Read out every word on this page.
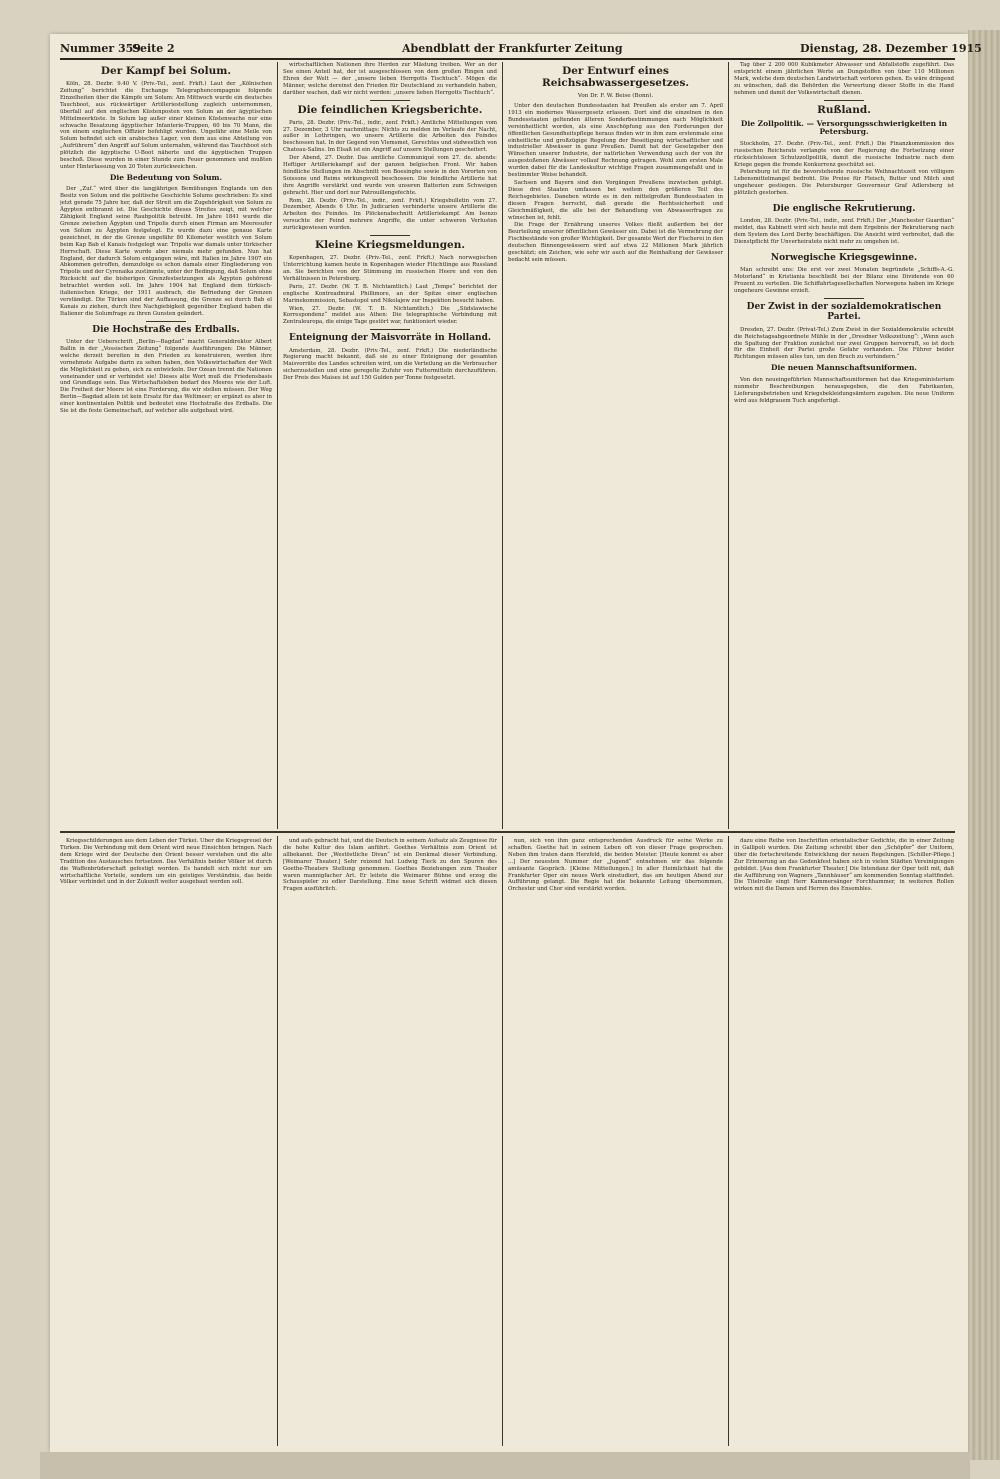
Nummer 359
Seite 2	Abendblatt der Frankfurter Zeitung	Dienstag, 28. Dezember 1915
Der Kampf bei Solum.

Köln, 28. Dezbr. 9.40 V. (Priv.-Tel., zenf. Frkft.) Laut der „Kölnischen Zeitung“ berichtet die Exchange Telegraphencompagnie folgende Einzelheiten über die Kämpfe um Solum: Am Mittwoch wurde ein deutsches Tauchboot, aus rückwärtiger Artilleriestellung zugleich unternommen, überfall auf den englischen Küstenposten von Solum an der ägyptischen Mittelmeerküste. In Solum lag außer einer kleinen Küstenwache nur eine schwache Besatzung ägyptischer Infanterie-Truppen, 60 bis 70 Mann, die von einem englischen Offizier befehligt wurden. Ungefähr eine Meile von Solum befindet sich ein arabisches Lager, von dem aus eine Abteilung von „Aufrührern“ den Angriff auf Solum unternahm, während das Tauchboot sich plötzlich die ägyptische U-Boot näherte und die ägyptischen Truppen beschoß. Diese wurden in einer Stunde zum Feuer genommen und mußten unter Hinterlassung von 20 Toten zurückweichen.

Die Bedeutung von Solum.

Der „Zuf.“ wird über die langjährigen Bemühungen Englands um den Besitz von Solum und die politische Geschichte Solums geschrieben: Es sind jetzt gerade 75 Jahre her, daß der Streit um die Zugehörigkeit von Solum zu Ägypten entbrannt ist. Die Geschichte dieses Streites zeigt, mit welcher Zähigkeit England seine Raubpolitik betreibt. Im Jahre 1841 wurde die Grenze zwischen Ägypten und Tripolis durch einen Firman am Meeresufer von Solum zu Ägypten festgelegt. Es wurde dazu eine genaue Karte gezeichnet, in der die Grenze ungefähr 80 Kilometer westlich von Solum beim Kap Bab el Kanais festgelegt war. Tripolis war damals unter türkischer Herrschaft. Diese Karte wurde aber niemals mehr gefunden. Nun hat England, der dadurch Solum entgangen wäre, mit Italien im Jahre 1907 ein Abkommen getroffen, demzufolge es schon damals einer Eingliederung von Tripolis und der Cyrenaika zustimmte, unter der Bedingung, daß Solum ohne Rücksicht auf die bisherigen Grenzfestsetzungen als Ägypten gehörend betrachtet werden soll. Im Jahre 1904 hat England dem türkisch-italienischen Kriege, der 1911 ausbrach, die Befriedung der Grenzen verständigt. Die Türken sind der Auffassung, die Grenze sei durch Bab el Kanais zu ziehen, durch ihre Nachgiebigkeit gegenüber England haben die Italiener die Solumfrage zu ihren Gunsten geändert.

Die Hochstraße des Erdballs.

Unter der Ueberschrift „Berlin—Bagdad“ macht Generaldirektor Albert Ballin in der „Vossischen Zeitung“ folgende Ausführungen: Die Männer, welche derzeit bereiten in den Frieden zu konstruieren, werden ihre vornehmste Aufgabe darin zu sehen haben, den Volkswirtschaften der Welt die Möglichkeit zu geben, sich zu entwickeln. Der Ozean trennt die Nationen voneinander und er verbindet sie! Dieses alte Wort muß die Friedensbasis und Grundlage sein. Das Wirtschaftsleben bedarf des Meeres wie der Luft. Die Freiheit der Meere ist eine Forderung, die wir stellen müssen. Der Weg Berlin—Bagdad allein ist kein Ersatz für das Weltmeer; er ergänzt es aber in einer kontinentalen Politik und bedeutet eine Hochstraße des Erdballs. Die Sie ist die feste Gemeinschaft, auf welcher alle aufgebaut wird.

wirtschaftlichen Nationen ihre Herden zur Mästung treiben. Wer an der See einen Anteil hat, der ist ausgeschlossen von dem großen Ringen und Ehren der Welt — der „unsere lieben Herrgotts Tischtuch“. Mögen die Männer, welche dereinst den Frieden für Deutschland zu verhandeln haben, darüber wachen, daß wir nicht werden: „unsere lieben Herrgotts Tischtuch“.

Die feindlichen Kriegsberichte.

Paris, 28. Dezbr. (Priv.-Tel., indir., zenf. Frkft.) Amtliche Mitteilungen vom 27. Dezember, 3 Uhr nachmittags: Nichts zu melden im Verlaufe der Nacht, außer in Lothringen, wo unsere Artillerie die Arbeiten des Feindes beschossen hat. In der Gegend von Vlemsmet, Gerechtes und südwestlich von Chateau-Salins. Im Elsaß ist ein Angriff auf unsere Stellungen gescheitert.

Der Abend, 27. Dezbr. Das amtliche Communiqué vom 27. de. abends: Heftiger Artilleriekampf auf der ganzen belgischen Front. Wir haben feindliche Stellungen im Abschnitt von Boesinghe sowie in den Vororten von Soissons und Reims wirkungsvoll beschossen. Die feindliche Artillerie hat ihre Angriffe verstärkt und wurde von unseren Batterien zum Schweigen gebracht. Hier und dort nur Patrouillengefechte.

Rom, 28. Dezbr. (Priv.-Tel., indir., zenf. Frkft.) Kriegsbulletin vom 27. Dezember, Abends 6 Uhr. In Judicarien verhinderte unsere Artillerie die Arbeiten des Feindes. Im Plöckenabschnitt Artilleriekampf. Am Isonzo versuchte der Feind mehrere Angriffe, die unter schweren Verlusten zurückgewiesen wurden.

Kleine Kriegsmeldungen.

Kopenhagen, 27. Dezbr. (Priv.-Tel., zenf. Frkft.) Nach norwegischen Unterrichtung kamen heute in Kopenhagen wieder Flüchtlinge aus Russland an. Sie berichten von der Stimmung im russischen Heere und von den Verhältnissen in Petersburg.

Paris, 27. Dezbr. (W. T. B. Nichtamtlich.) Laut „Temps“ berichtet der englische Kontreadmiral Phillimore, an der Spitze einer englischen Marinekommission, Sebastopol und Nikolajew zur Inspektion besucht haben.

Wien, 27. Dezbr. (W. T. B. Nichtamtlich.) Die „Südslawische Korrespondenz“ meldet aus Athen: Die telegraphische Verbindung mit Zentraleuropa, die einige Tage gestört war, funktioniert wieder.

Enteignung der Maisvorräte in Holland.

Amsterdam, 28. Dezbr. (Priv.-Tel., zenf. Frkft.) Die niederländische Regierung macht bekannt, daß sie zu einer Enteignung der gesamten Maisvorräte des Landes schreiten wird, um die Verteilung an die Verbraucher sicherzustellen und eine geregelte Zufuhr von Futtermitteln durchzuführen. Der Preis des Maises ist auf 150 Gulden per Tonne festgesetzt.

Der Entwurf eines Reichsabwassergesetzes.
Von Dr. F. W. Beise (Bonn).

Unter den deutschen Bundesstaaten hat Preußen als erster am 7. April 1913 ein modernes Wassergesetz erlassen. Dort sind die einzelnen in den Bundesstaaten geltenden älteren Sonderbestimmungen nach Möglichkeit vereinheitlicht worden, als eine Anschöpfung aus den Forderungen der öffentlichen Gesundheitspflege heraus finden wir in ihm zum erstenmale eine einheitliche und großzügige Regelung der Beseitigung wirtschaftlicher und industrieller Abwässer in ganz Preußen. Damit hat der Gesetzgeber den Wünschen unserer Industrie, der natürlichen Verwendung auch der von ihr ausgestoßenen Abwässer vollauf Rechnung getragen. Wohl zum ersten Male wurden dabei für die Landeskultur wichtige Fragen zusammengefaßt und in bestimmter Weise behandelt.

Sachsen und Bayern sind den Vorgängen Preußens inzwischen gefolgt. Diese drei Staaten umfassen bei weitem den größeren Teil des Reichsgebietes. Daneben würde es in den mittelgroßen Bundesstaaten in diesen Fragen herrscht, daß gerade die Rechtssicherheit und Gleichmäßigkeit, die alle bei der Behandlung von Abwasserfragen zu wünschen ist, fehlt.

Die Frage der Ernährung unseres Volkes fließt außerdem bei der Beurteilung unserer öffentlichen Gewässer ein. Dabei ist die Vermehrung der Fischbestände von großer Wichtigkeit. Der gesamte Wert der Fischerei in den deutschen Binnengewässern wird auf etwa 22 Millionen Mark jährlich geschätzt; ein Zeichen, wie sehr wir auch auf die Reinhaltung der Gewässer bedacht sein müssen.

Tag über 2 200 000 Kubikmeter Abwasser und Abfallstoffe zugeführt. Das entspricht einem jährlichen Werte an Dungstoffen von über 110 Millionen Mark, welche dem deutschen Landwirtschaft verloren gehen. Es wäre dringend zu wünschen, daß die Behörden die Verwertung dieser Stoffe in die Hand nehmen und damit der Volkswirtschaft dienen.

Rußland.
Die Zollpolitik. — Versorgungsschwierigkeiten in Petersburg.

Stockholm, 27. Dezbr. (Priv.-Tel., zenf. Frkft.) Die Finanzkommission des russischen Reichsrats verlangte von der Regierung die Fortsetzung einer rücksichtslosen Schutzzollpolitik, damit die russische Industrie nach dem Kriege gegen die fremde Konkurrenz geschützt sei.

Petersburg ist für die bevorstehende russische Weihnachtszeit von völligem Lebensmittelmangel bedroht. Die Preise für Fleisch, Butter und Milch sind ungeheuer gestiegen. Die Petersburger Gouverneur Graf Adlersberg ist plötzlich gestorben.

Die englische Rekrutierung.

London, 28. Dezbr. (Priv.-Tel., indir., zenf. Frkft.) Der „Manchester Guardian“ meldet, das Kabinett wird sich heute mit dem Ergebnis der Rekrutierung nach dem System des Lord Derby beschäftigen. Die Ansicht wird verbreitet, daß die Dienstpflicht für Unverheiratete nicht mehr zu umgehen ist.

Norwegische Kriegsgewinne.

Man schreibt uns: Die erst vor zwei Monaten begründete „Schiffs-A.-G. Motorland“ in Kristiania beschließt bei der Bilanz eine Dividende von 60 Prozent zu verteilen. Die Schiffahrtsgesellschaften Norwegens haben im Kriege ungeheure Gewinne erzielt.

Der Zwist in der sozialdemokratischen Partei.

Dresden, 27. Dezbr. (Privat-Tel.) Zum Zwist in der Sozialdemokratie schreibt die Reichstagsabgeordnete Mühle in der „Dresdner Volkszeitung“: „Wenn auch die Spaltung der Fraktion zunächst nur zwei Gruppen hervorruft, so ist doch für die Einheit der Partei große Gefahr vorhanden. Die Führer beider Richtungen müssen alles tun, um den Bruch zu verhindern.“

Die neuen Mannschaftsuniformen.

Von den neueingeführten Mannschaftsuniformen hat das Kriegsministerium nunmehr Beschreibungen herausgegeben, die den Fabrikanten, Lieferungsbetrieben und Kriegsbekleidungsämtern zugehen. Die neue Uniform wird aus feldgrauem Tuch angefertigt.

Kriegsschilderungen aus dem Leben der Türkei. Über die Kriegsgreuel der Türken. Die Verbindung mit dem Orient wird neue Einsichten bringen. Nach dem Kriege wird der Deutsche den Orient besser verstehen und die alte Tradition des Austausches fortsetzen. Das Verhältnis beider Völker ist durch die Waffenbrüderschaft gefestigt worden. Es handelt sich nicht nur um wirtschaftliche Vorteile, sondern um ein geistiges Verständnis, das beide Völker verbindet und in der Zukunft weiter ausgebaut werden soll.

und aufs gebracht hat, und die Deutsch in seinem Aufsatz als Zeugnisse für die hohe Kultur des Islam anführt. Goethes Verhältnis zum Orient ist allbekannt. Der „Westöstliche Divan“ ist ein Denkmal dieser Verbindung. [Weimarer Theater.] Sehr reizend hat Ludwig Tieck zu den Spuren des Goethe-Theaters Stellung genommen. Goethes Beziehungen zum Theater waren mannigfacher Art. Er leitete die Weimarer Bühne und erzog die Schauspieler zu edler Darstellung. Eine neue Schrift widmet sich diesen Fragen ausführlich.

nun, sich von ihm ganz entsprechenden Ausdruck für seine Werke zu schaffen. Goethe hat in seinem Leben oft von dieser Frage gesprochen. Neben ihm traten dann Herzfeld, die beiden Meister. [Heute kommt es aber ...] Der neuesten Nummer der „Jugend“ entnehmen wir das folgende amüsante Gespräch. [Kleine Mitteilungen.] In aller Heimlichkeit hat die Frankfurter Oper ein neues Werk einstudiert, das am heutigen Abend zur Aufführung gelangt. Die Regie hat die bekannte Leitung übernommen, Orchester und Chor sind verstärkt worden.

dazu eine Reihe von Inschriften orientalischer Gedichte, die in einer Zeitung in Gallipoli wurden. Die Zeitung schreibt über den „Schöpfer“ der Uniform, über die fortschreitende Entwicklung der neuen Regelungen. [Schiller-Pflege.] Zur Erinnerung an das Gedenkfest haben sich in vielen Städten Vereinigungen gebildet. [Aus dem Frankfurter Theater.] Die Intendanz der Oper teilt mit, daß die Aufführung von Wagners „Tannhäuser“ am kommenden Sonntag stattfindet. Die Titelrolle singt Herr Kammersänger Forchhammer, in weiteren Rollen wirken mit die Damen und Herren des Ensembles.
